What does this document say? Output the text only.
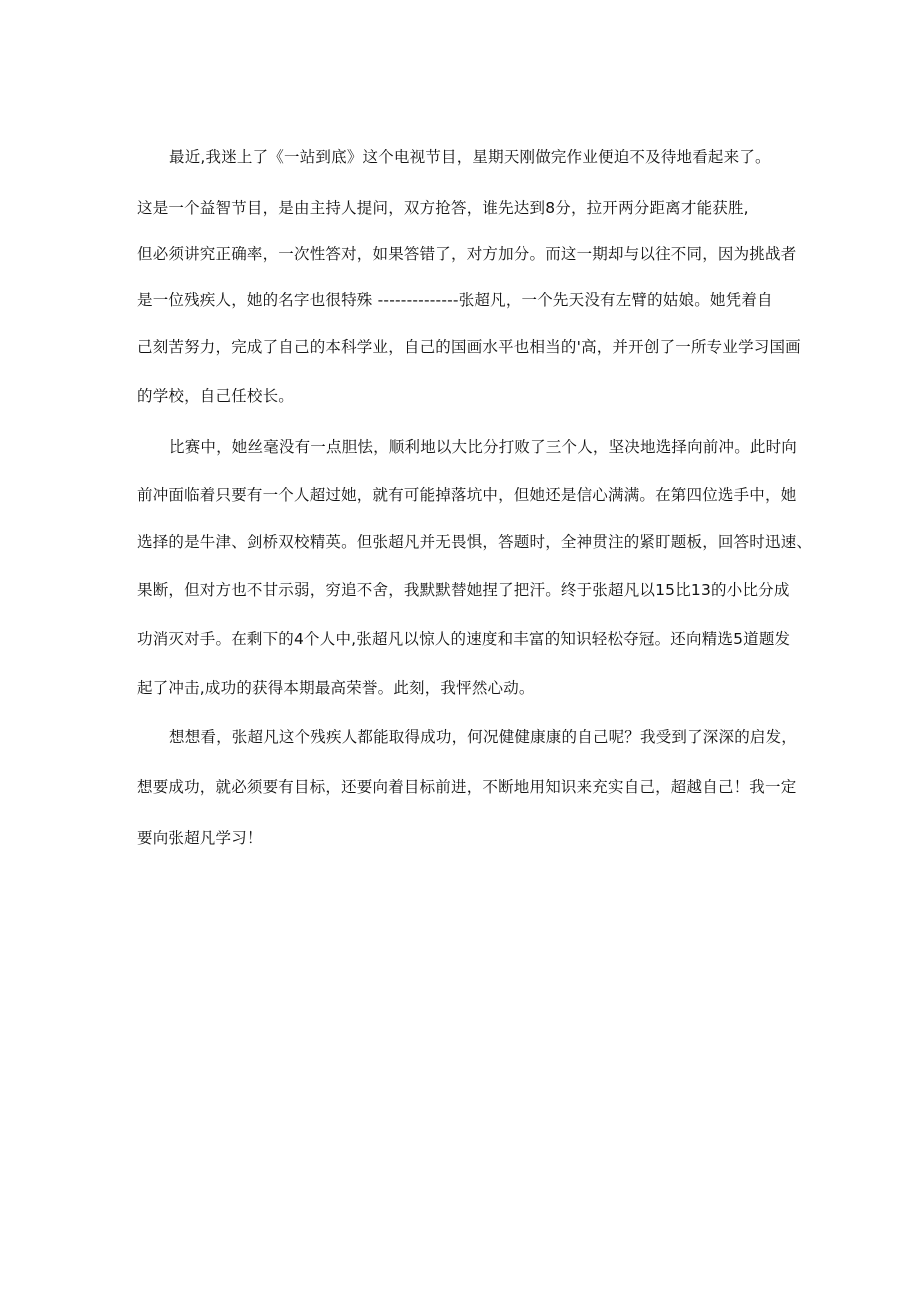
最近,我迷上了《一站到底》这个电视节目，星期天刚做完作业便迫不及待地看起来了。
这是一个益智节目，是由主持人提问，双方抢答，谁先达到8分，拉开两分距离才能获胜,
但必须讲究正确率，一次性答对，如果答错了，对方加分。而这一期却与以往不同，因为挑战者
是一位残疾人，她的名字也很特殊 --------------张超凡，一个先天没有左臂的姑娘。她凭着自
己刻苦努力，完成了自己的本科学业，自己的国画水平也相当的'高，并开创了一所专业学习国画
的学校，自己任校长。
比赛中，她丝毫没有一点胆怯，顺利地以大比分打败了三个人，坚决地选择向前冲。此时向
前冲面临着只要有一个人超过她，就有可能掉落坑中，但她还是信心满满。在第四位选手中，她
选择的是牛津、剑桥双校精英。但张超凡并无畏惧，答题时，全神贯注的紧盯题板，回答时迅速、
果断，但对方也不甘示弱，穷追不舍，我默默替她捏了把汗。终于张超凡以15比13的小比分成
功消灭对手。在剩下的4个人中,张超凡以惊人的速度和丰富的知识轻松夺冠。还向精选5道题发
起了冲击,成功的获得本期最高荣誉。此刻，我怦然心动。
想想看，张超凡这个残疾人都能取得成功，何况健健康康的自己呢？我受到了深深的启发，
想要成功，就必须要有目标，还要向着目标前进，不断地用知识来充实自己，超越自己！我一定
要向张超凡学习！
